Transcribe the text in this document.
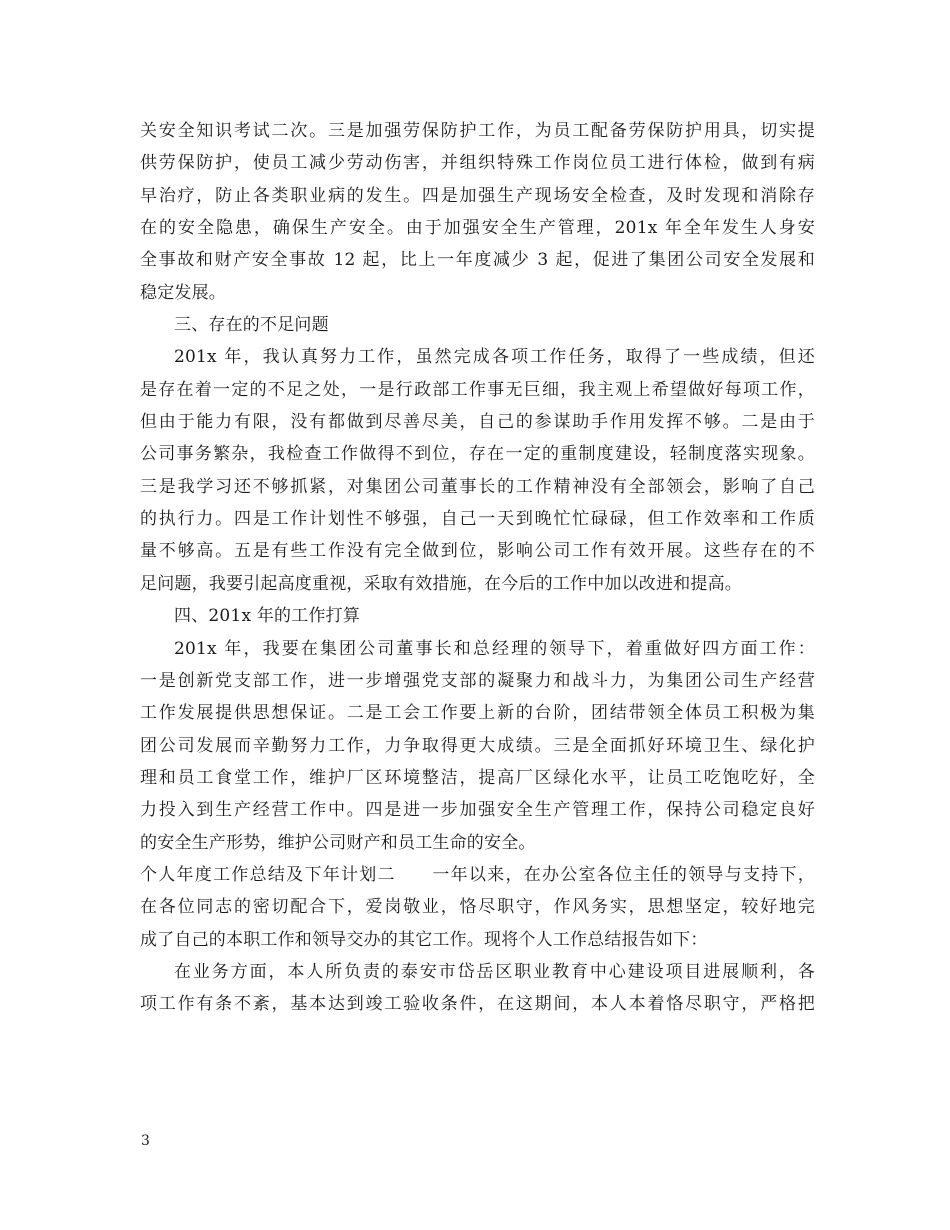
关安全知识考试二次。三是加强劳保防护工作，为员工配备劳保防护用具，切实提
供劳保防护，使员工减少劳动伤害，并组织特殊工作岗位员工进行体检，做到有病
早治疗，防止各类职业病的发生。四是加强生产现场安全检查，及时发现和消除存
在的安全隐患，确保生产安全。由于加强安全生产管理，201x 年全年发生人身安
全事故和财产安全事故 12 起，比上一年度减少 3 起，促进了集团公司安全发展和
稳定发展。
三、存在的不足问题
201x 年，我认真努力工作，虽然完成各项工作任务，取得了一些成绩，但还
是存在着一定的不足之处，一是行政部工作事无巨细，我主观上希望做好每项工作，
但由于能力有限，没有都做到尽善尽美，自己的参谋助手作用发挥不够。二是由于
公司事务繁杂，我检查工作做得不到位，存在一定的重制度建设，轻制度落实现象。
三是我学习还不够抓紧，对集团公司董事长的工作精神没有全部领会，影响了自己
的执行力。四是工作计划性不够强，自己一天到晚忙忙碌碌，但工作效率和工作质
量不够高。五是有些工作没有完全做到位，影响公司工作有效开展。这些存在的不
足问题，我要引起高度重视，采取有效措施，在今后的工作中加以改进和提高。
四、201x 年的工作打算
201x 年，我要在集团公司董事长和总经理的领导下，着重做好四方面工作：
一是创新党支部工作，进一步增强党支部的凝聚力和战斗力，为集团公司生产经营
工作发展提供思想保证。二是工会工作要上新的台阶，团结带领全体员工积极为集
团公司发展而辛勤努力工作，力争取得更大成绩。三是全面抓好环境卫生、绿化护
理和员工食堂工作，维护厂区环境整洁，提高厂区绿化水平，让员工吃饱吃好，全
力投入到生产经营工作中。四是进一步加强安全生产管理工作，保持公司稳定良好
的安全生产形势，维护公司财产和员工生命的安全。
个人年度工作总结及下年计划二　　一年以来，在办公室各位主任的领导与支持下，
在各位同志的密切配合下，爱岗敬业，恪尽职守，作风务实，思想坚定，较好地完
成了自己的本职工作和领导交办的其它工作。现将个人工作总结报告如下：
在业务方面，本人所负责的泰安市岱岳区职业教育中心建设项目进展顺利，各
项工作有条不紊，基本达到竣工验收条件，在这期间，本人本着恪尽职守，严格把
3
